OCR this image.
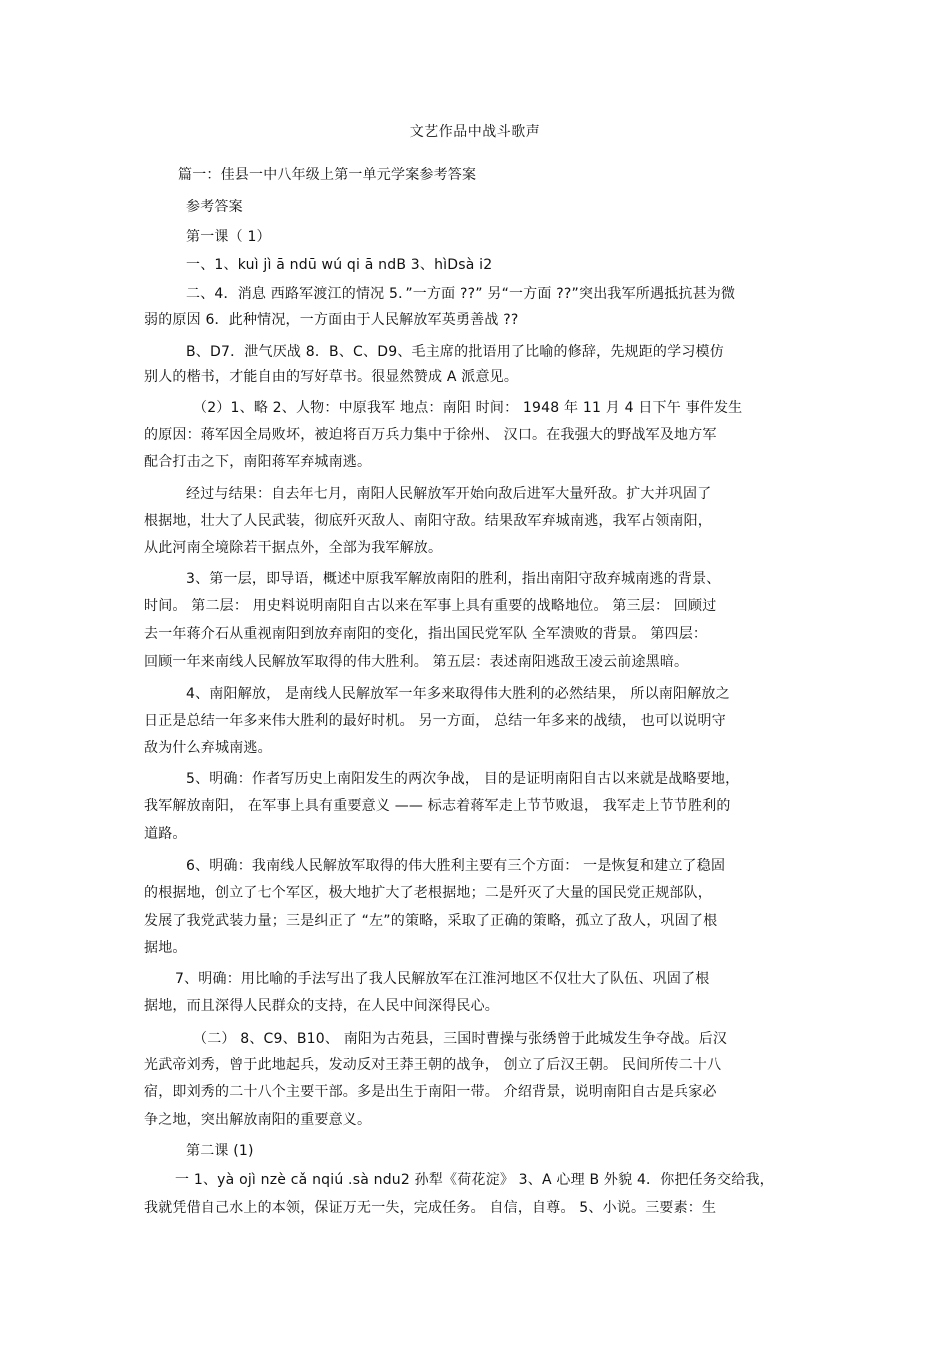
文艺作品中战斗歌声
篇一：佳县一中八年级上第一单元学案参考答案
参考答案
第一课（ 1）
一、1、kuì jì ā ndū wú qi ā ndB 3、hìDsà i2
二、4．消息 西路军渡江的情况 5．”一方面 ??” 另“一方面 ??”突出我军所遇抵抗甚为微
弱的原因 6．此种情况，一方面由于人民解放军英勇善战 ??
B、D7．泄气厌战 8．B、C、D9、毛主席的批语用了比喻的修辞，先规距的学习模仿
别人的楷书，才能自由的写好草书。很显然赞成 A 派意见。
（2）1、略 2、人物：中原我军 地点：南阳 时间： 1948 年 11 月 4 日下午 事件发生
的原因：蒋军因全局败坏，被迫将百万兵力集中于徐州、 汉口。在我强大的野战军及地方军
配合打击之下，南阳蒋军弃城南逃。
经过与结果：自去年七月，南阳人民解放军开始向敌后进军大量歼敌。扩大并巩固了
根据地，壮大了人民武装，彻底歼灭敌人、南阳守敌。结果敌军弃城南逃，我军占领南阳，
从此河南全境除若干据点外，全部为我军解放。
3、第一层，即导语，概述中原我军解放南阳的胜利，指出南阳守敌弃城南逃的背景、
时间。 第二层： 用史料说明南阳自古以来在军事上具有重要的战略地位。 第三层： 回顾过
去一年蒋介石从重视南阳到放弃南阳的变化，指出国民党军队 全军溃败的背景。 第四层：
回顾一年来南线人民解放军取得的伟大胜利。 第五层：表述南阳逃敌王凌云前途黑暗。
4、南阳解放， 是南线人民解放军一年多来取得伟大胜利的必然结果， 所以南阳解放之
日正是总结一年多来伟大胜利的最好时机。 另一方面， 总结一年多来的战绩， 也可以说明守
敌为什么弃城南逃。
5、明确：作者写历史上南阳发生的两次争战， 目的是证明南阳自古以来就是战略要地，
我军解放南阳， 在军事上具有重要意义 —— 标志着蒋军走上节节败退， 我军走上节节胜利的
道路。
6、明确：我南线人民解放军取得的伟大胜利主要有三个方面： 一是恢复和建立了稳固
的根据地，创立了七个军区，极大地扩大了老根据地；二是歼灭了大量的国民党正规部队，
发展了我党武装力量；三是纠正了 “左”的策略，采取了正确的策略，孤立了敌人，巩固了根
据地。
7、明确：用比喻的手法写出了我人民解放军在江淮河地区不仅壮大了队伍、巩固了根
据地，而且深得人民群众的支持，在人民中间深得民心。
（二） 8、C9、B10、 南阳为古苑县，三国时曹操与张绣曾于此城发生争夺战。后汉
光武帝刘秀，曾于此地起兵，发动反对王莽王朝的战争， 创立了后汉王朝。 民间所传二十八
宿，即刘秀的二十八个主要干部。多是出生于南阳一带。 介绍背景，说明南阳自古是兵家必
争之地，突出解放南阳的重要意义。
第二课 (1)
一 1、yà ojì nzè cǎ nqiú .sà ndu2 孙犁《荷花淀》 3、A 心理 B 外貌 4．你把任务交给我，
我就凭借自己水上的本领，保证万无一失，完成任务。 自信，自尊。 5、小说。三要素：生
